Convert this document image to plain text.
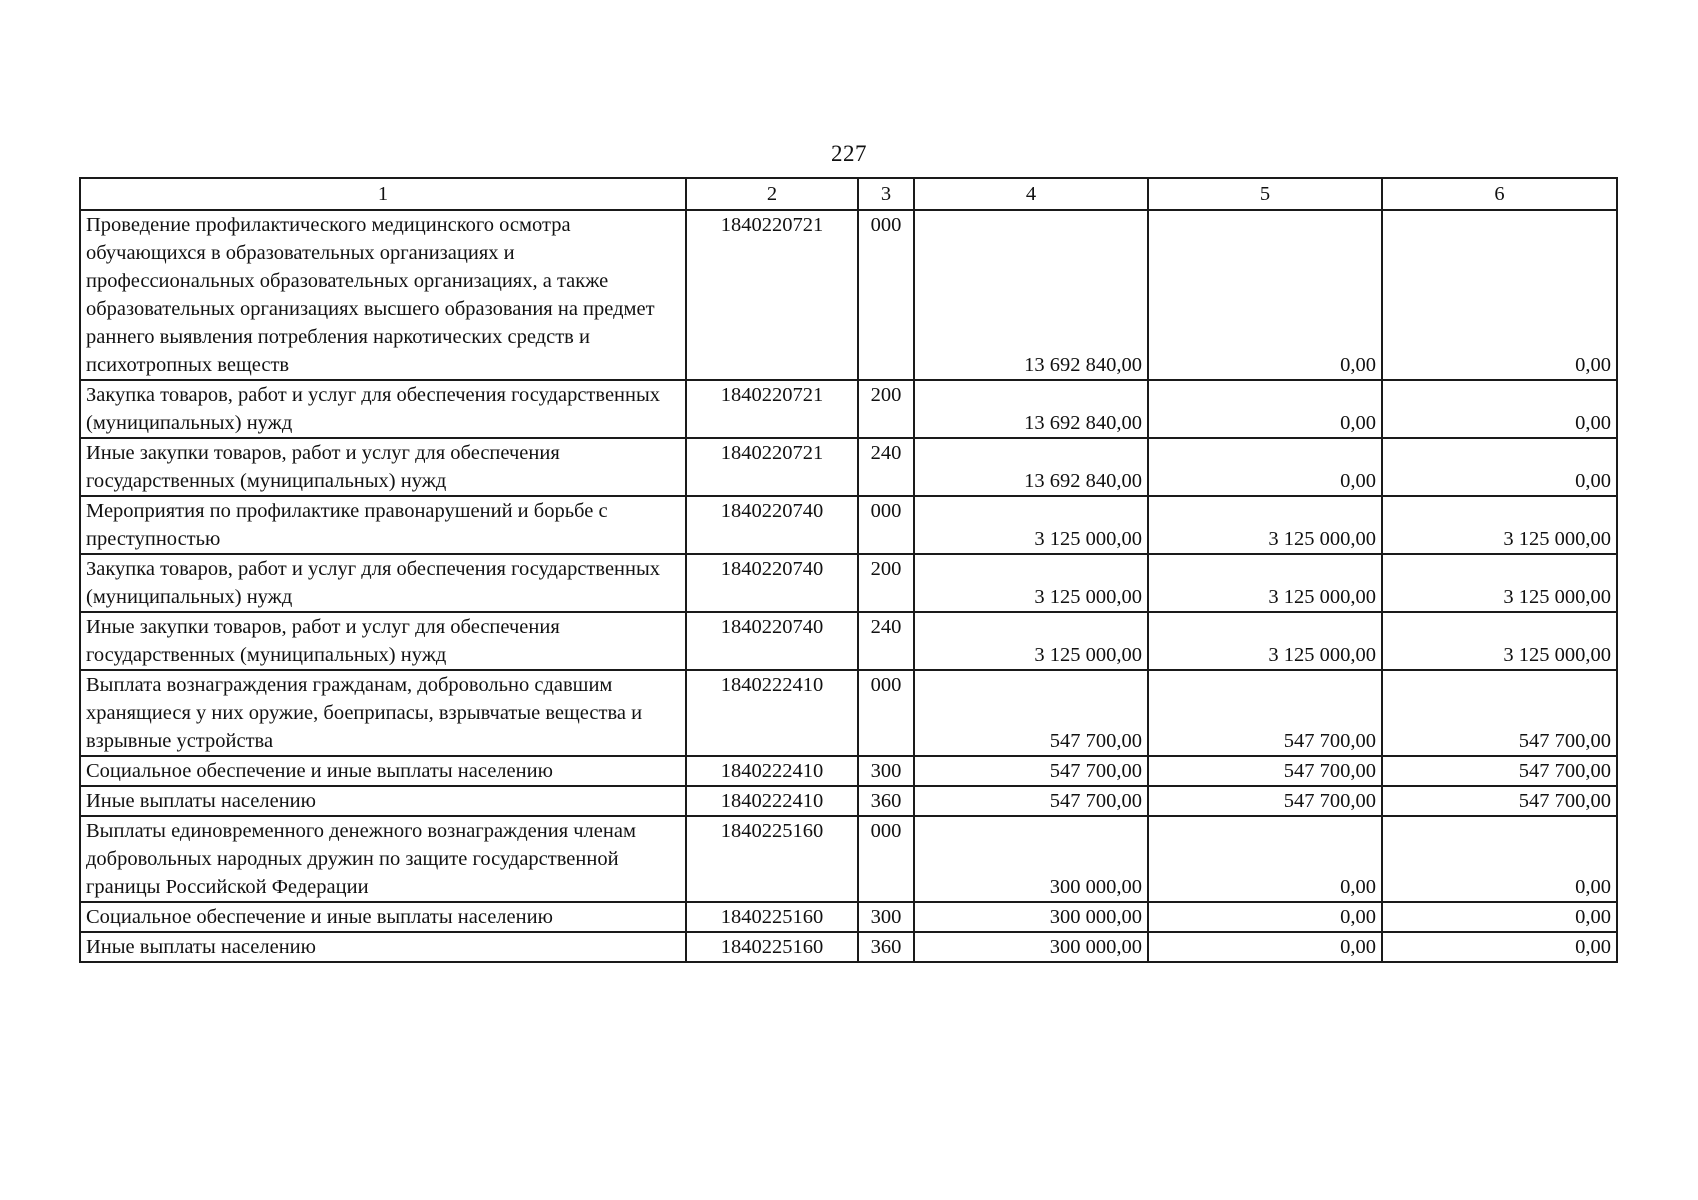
227
1	2	3	4	5	6
Проведение профилактического медицинского осмотра обучающихся в образовательных организациях и профессиональных образовательных организациях, а также образовательных организациях высшего образования на предмет раннего выявления потребления наркотических средств и психотропных веществ	1840220721	000	13 692 840,00	0,00	0,00
Закупка товаров, работ и услуг для обеспечения государственных (муниципальных) нужд	1840220721	200	13 692 840,00	0,00	0,00
Иные закупки товаров, работ и услуг для обеспечения государственных (муниципальных) нужд	1840220721	240	13 692 840,00	0,00	0,00
Мероприятия по профилактике правонарушений и борьбе с преступностью	1840220740	000	3 125 000,00	3 125 000,00	3 125 000,00
Закупка товаров, работ и услуг для обеспечения государственных (муниципальных) нужд	1840220740	200	3 125 000,00	3 125 000,00	3 125 000,00
Иные закупки товаров, работ и услуг для обеспечения государственных (муниципальных) нужд	1840220740	240	3 125 000,00	3 125 000,00	3 125 000,00
Выплата вознаграждения гражданам, добровольно сдавшим хранящиеся у них оружие, боеприпасы, взрывчатые вещества и взрывные устройства	1840222410	000	547 700,00	547 700,00	547 700,00
Социальное обеспечение и иные выплаты населению	1840222410	300	547 700,00	547 700,00	547 700,00
Иные выплаты населению	1840222410	360	547 700,00	547 700,00	547 700,00
Выплаты единовременного денежного вознаграждения членам добровольных народных дружин по защите государственной границы Российской Федерации	1840225160	000	300 000,00	0,00	0,00
Социальное обеспечение и иные выплаты населению	1840225160	300	300 000,00	0,00	0,00
Иные выплаты населению	1840225160	360	300 000,00	0,00	0,00
